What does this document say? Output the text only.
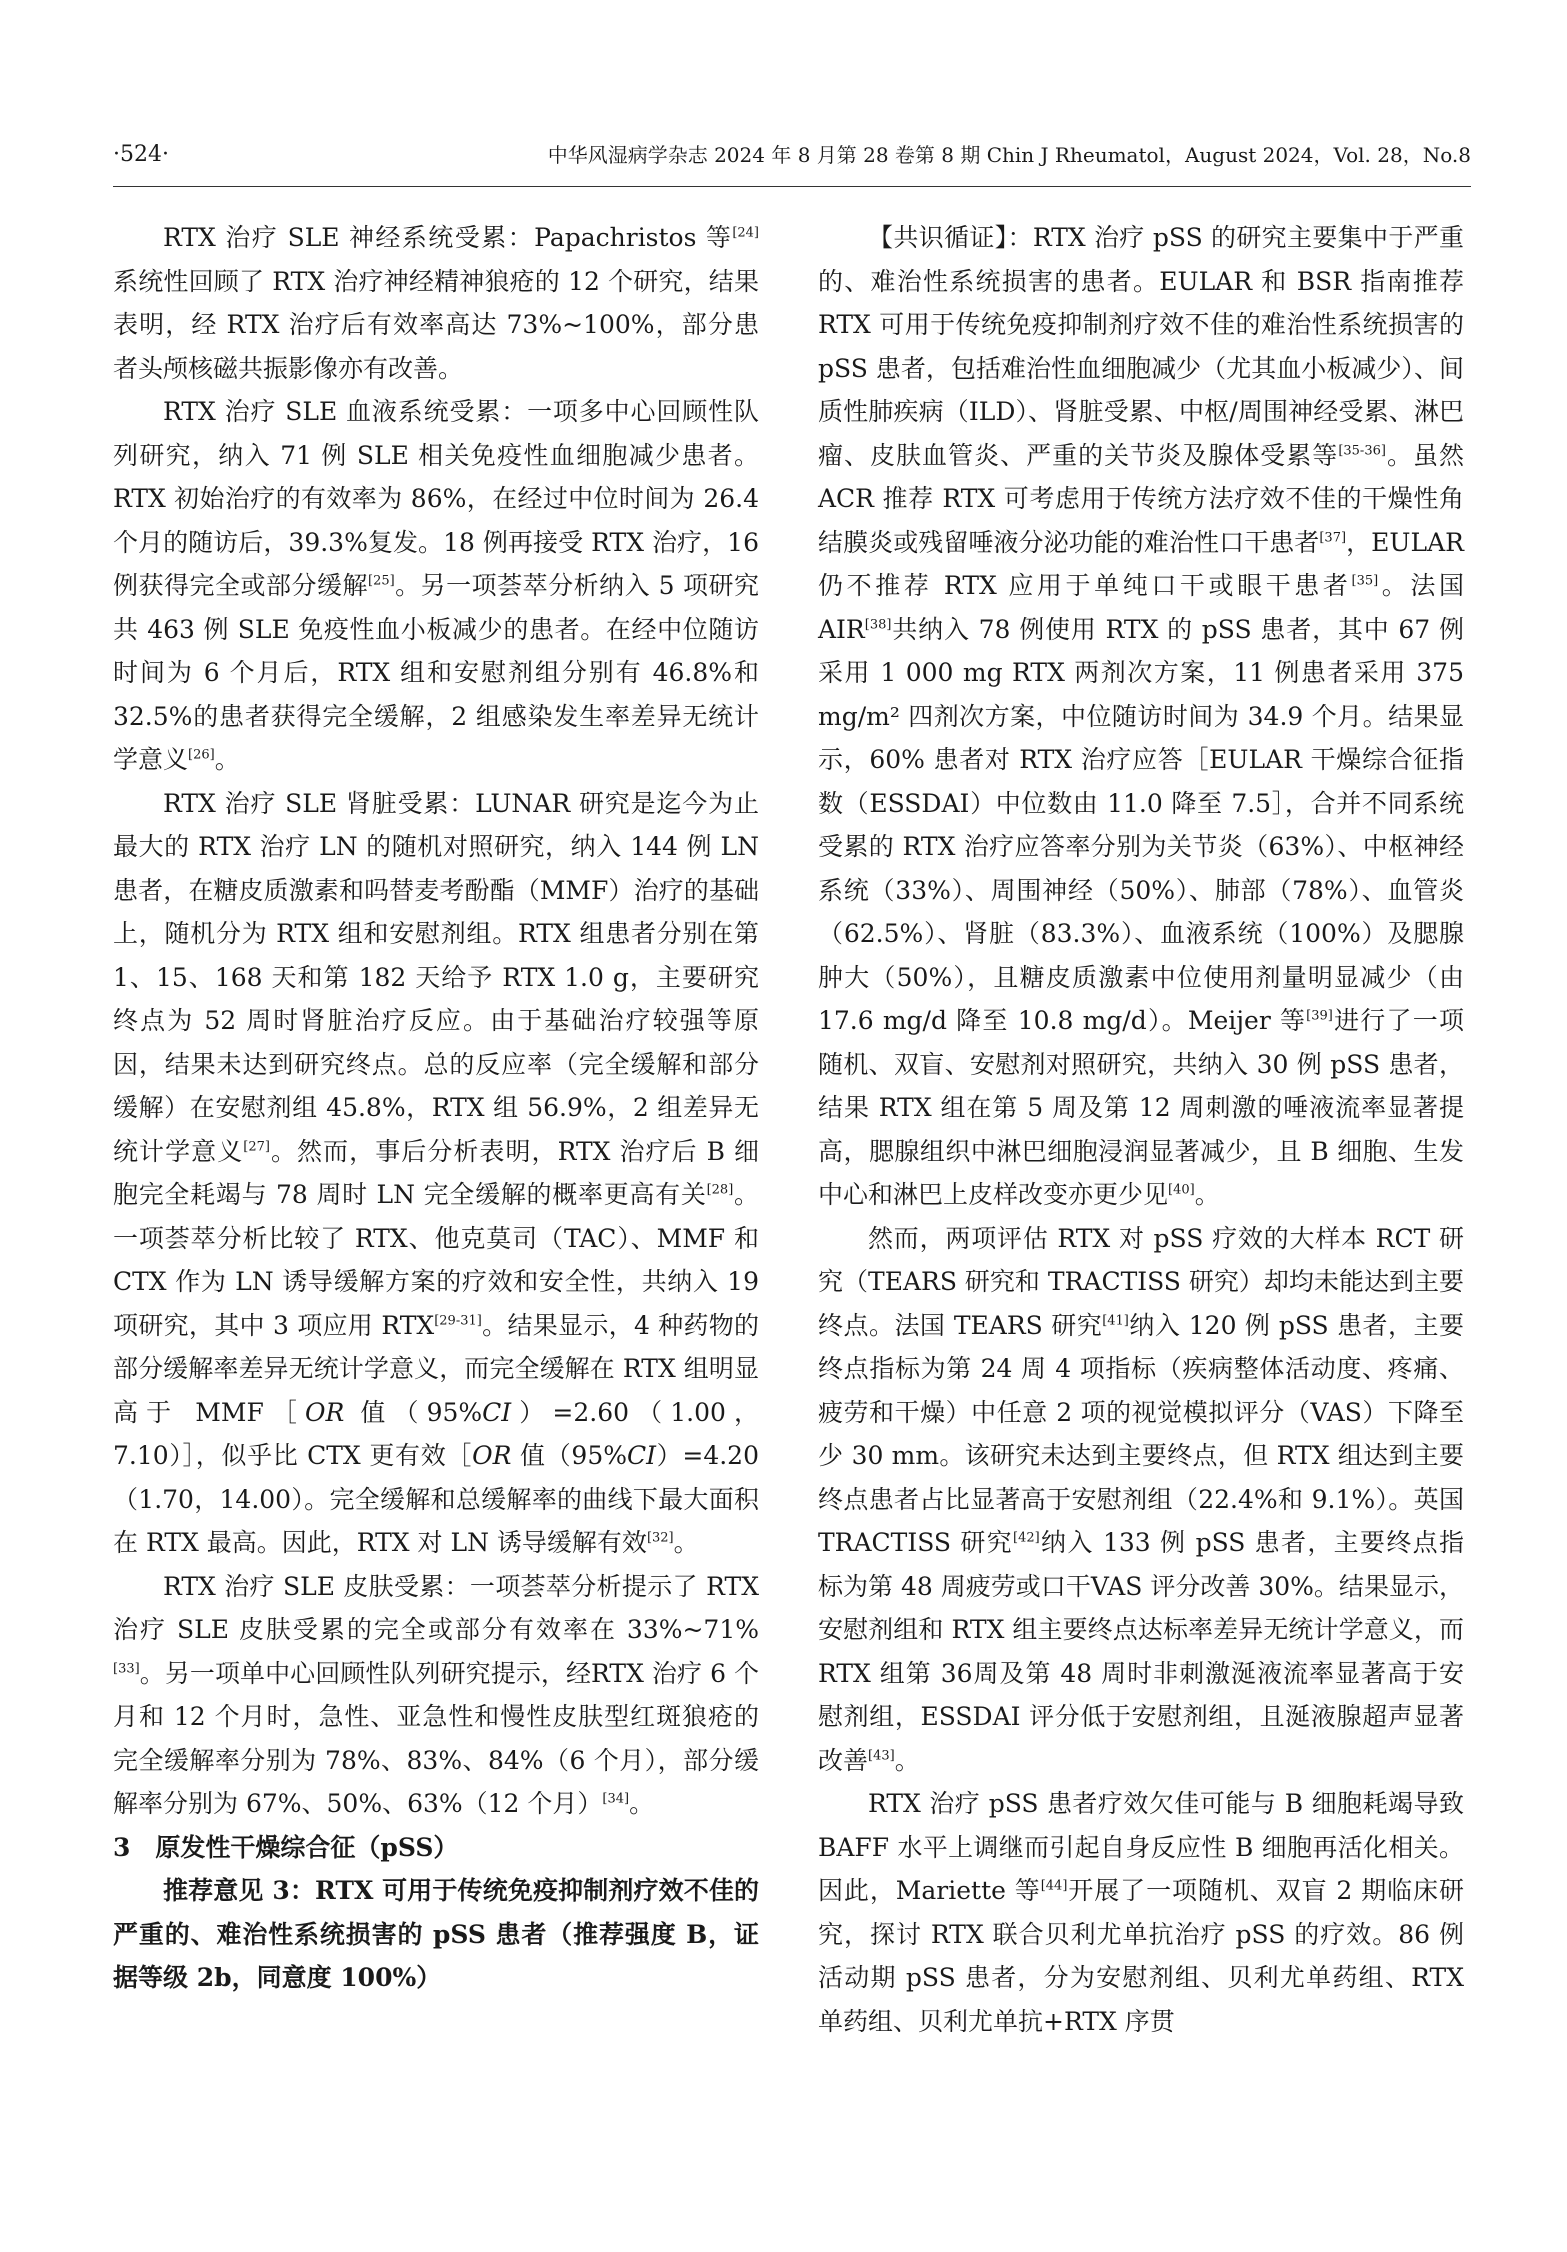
·524·	中华风湿病学杂志 2024 年 8 月第 28 卷第 8 期 Chin J Rheumatol，August 2024，Vol. 28，No.8

RTX 治疗 SLE 神经系统受累：Papachristos 等[24]系统性回顾了 RTX 治疗神经精神狼疮的 12 个研究，结果表明，经 RTX 治疗后有效率高达 73%~100%，部分患者头颅核磁共振影像亦有改善。

RTX 治疗 SLE 血液系统受累：一项多中心回顾性队列研究，纳入 71 例 SLE 相关免疫性血细胞减少患者。RTX 初始治疗的有效率为 86%，在经过中位时间为 26.4 个月的随访后，39.3%复发。18 例再接受 RTX 治疗，16 例获得完全或部分缓解[25]。另一项荟萃分析纳入 5 项研究共 463 例 SLE 免疫性血小板减少的患者。在经中位随访时间为 6 个月后，RTX 组和安慰剂组分别有 46.8%和 32.5%的患者获得完全缓解，2 组感染发生率差异无统计学意义[26]。

RTX 治疗 SLE 肾脏受累：LUNAR 研究是迄今为止最大的 RTX 治疗 LN 的随机对照研究，纳入 144 例 LN 患者，在糖皮质激素和吗替麦考酚酯（MMF）治疗的基础上，随机分为 RTX 组和安慰剂组。RTX 组患者分别在第 1、15、168 天和第 182 天给予 RTX 1.0 g，主要研究终点为 52 周时肾脏治疗反应。由于基础治疗较强等原因，结果未达到研究终点。总的反应率（完全缓解和部分缓解）在安慰剂组 45.8%，RTX 组 56.9%，2 组差异无统计学意义[27]。然而，事后分析表明，RTX 治疗后 B 细胞完全耗竭与 78 周时 LN 完全缓解的概率更高有关[28]。一项荟萃分析比较了 RTX、他克莫司（TAC）、MMF 和 CTX 作为 LN 诱导缓解方案的疗效和安全性，共纳入 19 项研究，其中 3 项应用 RTX[29-31]。结果显示，4 种药物的部分缓解率差异无统计学意义，而完全缓解在 RTX 组明显高于 MMF［OR 值（95%CI）=2.60（1.00，7.10）］，似乎比 CTX 更有效［OR 值（95%CI）=4.20（1.70，14.00）。完全缓解和总缓解率的曲线下最大面积在 RTX 最高。因此，RTX 对 LN 诱导缓解有效[32]。

RTX 治疗 SLE 皮肤受累：一项荟萃分析提示了 RTX 治疗 SLE 皮肤受累的完全或部分有效率在 33%~71%[33]。另一项单中心回顾性队列研究提示，经RTX 治疗 6 个月和 12 个月时，急性、亚急性和慢性皮肤型红斑狼疮的完全缓解率分别为 78%、83%、84%（6 个月），部分缓解率分别为 67%、50%、63%（12 个月）[34]。

3　原发性干燥综合征（pSS）

推荐意见 3：RTX 可用于传统免疫抑制剂疗效不佳的严重的、难治性系统损害的 pSS 患者（推荐强度 B，证据等级 2b，同意度 100%）

【共识循证】：RTX 治疗 pSS 的研究主要集中于严重的、难治性系统损害的患者。EULAR 和 BSR 指南推荐 RTX 可用于传统免疫抑制剂疗效不佳的难治性系统损害的 pSS 患者，包括难治性血细胞减少（尤其血小板减少）、间质性肺疾病（ILD）、肾脏受累、中枢/周围神经受累、淋巴瘤、皮肤血管炎、严重的关节炎及腺体受累等[35-36]。虽然 ACR 推荐 RTX 可考虑用于传统方法疗效不佳的干燥性角结膜炎或残留唾液分泌功能的难治性口干患者[37]，EULAR 仍不推荐 RTX 应用于单纯口干或眼干患者[35]。法国 AIR[38]共纳入 78 例使用 RTX 的 pSS 患者，其中 67 例采用 1 000 mg RTX 两剂次方案，11 例患者采用 375 mg/m² 四剂次方案，中位随访时间为 34.9 个月。结果显示，60% 患者对 RTX 治疗应答［EULAR 干燥综合征指数（ESSDAI）中位数由 11.0 降至 7.5］，合并不同系统受累的 RTX 治疗应答率分别为关节炎（63%）、中枢神经系统（33%）、周围神经（50%）、肺部（78%）、血管炎（62.5%）、肾脏（83.3%）、血液系统（100%）及腮腺肿大（50%），且糖皮质激素中位使用剂量明显减少（由 17.6 mg/d 降至 10.8 mg/d）。Meijer 等[39]进行了一项随机、双盲、安慰剂对照研究，共纳入 30 例 pSS 患者，结果 RTX 组在第 5 周及第 12 周刺激的唾液流率显著提高，腮腺组织中淋巴细胞浸润显著减少，且 B 细胞、生发中心和淋巴上皮样改变亦更少见[40]。

然而，两项评估 RTX 对 pSS 疗效的大样本 RCT 研究（TEARS 研究和 TRACTISS 研究）却均未能达到主要终点。法国 TEARS 研究[41]纳入 120 例 pSS 患者，主要终点指标为第 24 周 4 项指标（疾病整体活动度、疼痛、疲劳和干燥）中任意 2 项的视觉模拟评分（VAS）下降至少 30 mm。该研究未达到主要终点，但 RTX 组达到主要终点患者占比显著高于安慰剂组（22.4%和 9.1%）。英国 TRACTISS 研究[42]纳入 133 例 pSS 患者，主要终点指标为第 48 周疲劳或口干VAS 评分改善 30%。结果显示，安慰剂组和 RTX 组主要终点达标率差异无统计学意义，而 RTX 组第 36周及第 48 周时非刺激涎液流率显著高于安慰剂组，ESSDAI 评分低于安慰剂组，且涎液腺超声显著改善[43]。

RTX 治疗 pSS 患者疗效欠佳可能与 B 细胞耗竭导致 BAFF 水平上调继而引起自身反应性 B 细胞再活化相关。因此，Mariette 等[44]开展了一项随机、双盲 2 期临床研究，探讨 RTX 联合贝利尤单抗治疗 pSS 的疗效。86 例活动期 pSS 患者，分为安慰剂组、贝利尤单药组、RTX 单药组、贝利尤单抗+RTX 序贯
